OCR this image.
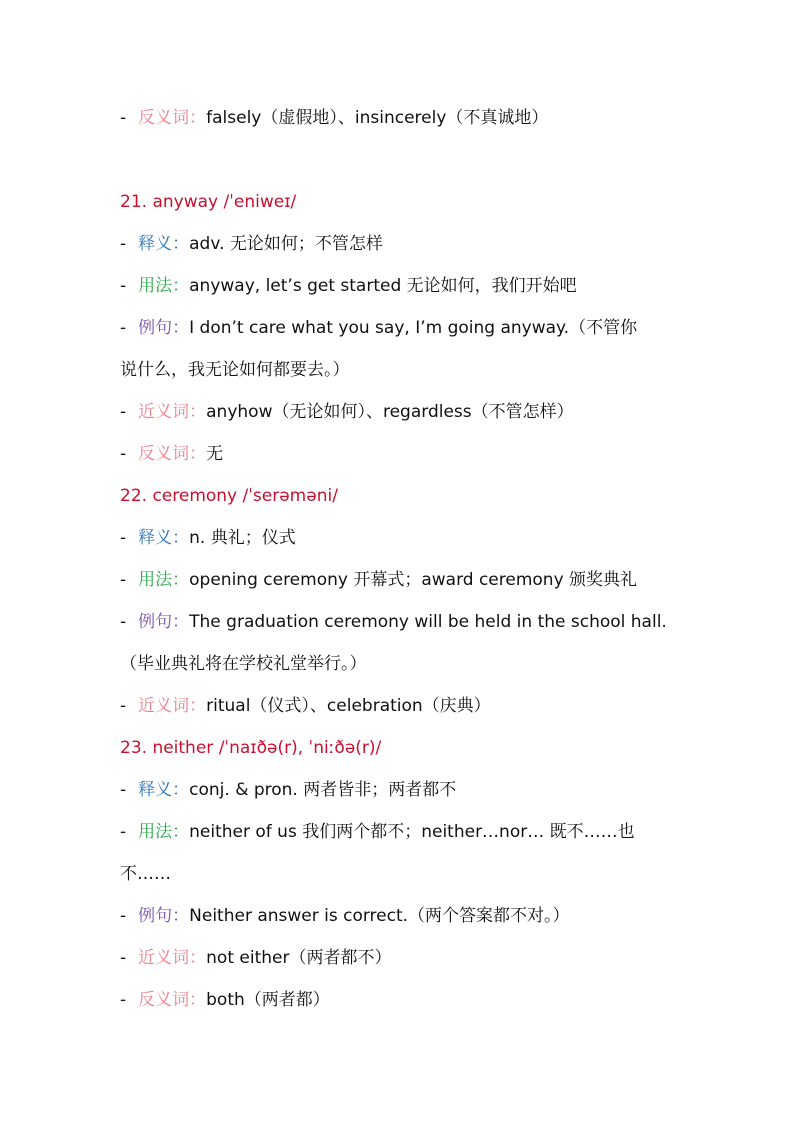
- 反义词：falsely（虚假地）、insincerely（不真诚地）
21. anyway /ˈeniweɪ/
- 释义：adv. 无论如何；不管怎样
- 用法：anyway, let’s get started 无论如何，我们开始吧
- 例句：I don’t care what you say, I’m going anyway.（不管你
说什么，我无论如何都要去。）
- 近义词：anyhow（无论如何）、regardless（不管怎样）
- 反义词：无
22. ceremony /ˈserəməni/
- 释义：n. 典礼；仪式
- 用法：opening ceremony 开幕式；award ceremony 颁奖典礼
- 例句：The graduation ceremony will be held in the school hall.
（毕业典礼将在学校礼堂举行。）
- 近义词：ritual（仪式）、celebration（庆典）
23. neither /ˈnaɪðə(r), ˈniːðə(r)/
- 释义：conj. & pron. 两者皆非；两者都不
- 用法：neither of us 我们两个都不；neither…nor… 既不……也
不……
- 例句：Neither answer is correct.（两个答案都不对。）
- 近义词：not either（两者都不）
- 反义词：both（两者都）
